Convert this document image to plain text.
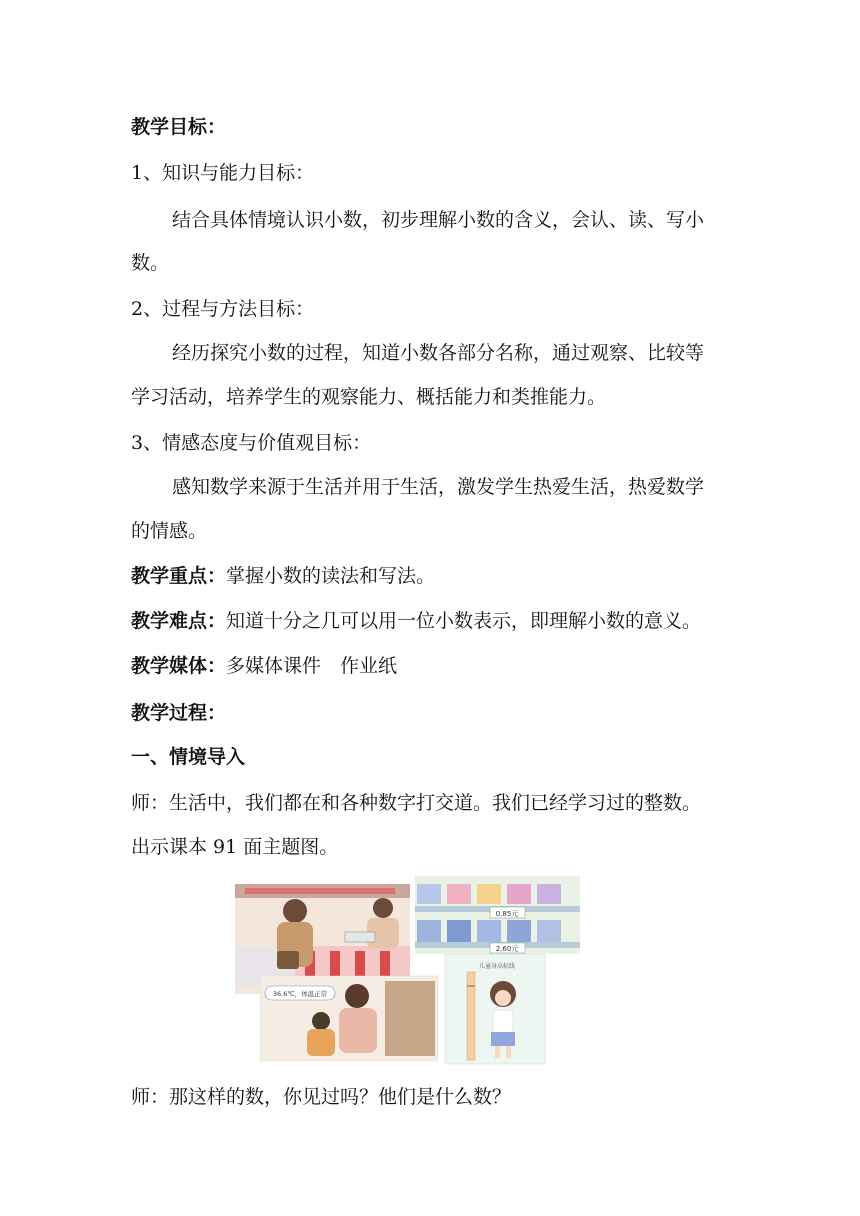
教学目标：
1、知识与能力目标：
结合具体情境认识小数，初步理解小数的含义，会认、读、写小
数。
2、过程与方法目标：
经历探究小数的过程，知道小数各部分名称，通过观察、比较等
学习活动，培养学生的观察能力、概括能力和类推能力。
3、情感态度与价值观目标：
感知数学来源于生活并用于生活，激发学生热爱生活，热爱数学
的情感。
教学重点：掌握小数的读法和写法。
教学难点：知道十分之几可以用一位小数表示，即理解小数的意义。
教学媒体：多媒体课件　作业纸
教学过程：
一、情境导入
师：生活中，我们都在和各种数字打交道。我们已经学习过的整数。
出示课本 91 面主题图。
0.85元
2.60元
36.6℃，体温正常
儿童身高标线
师：那这样的数，你见过吗？他们是什么数？
